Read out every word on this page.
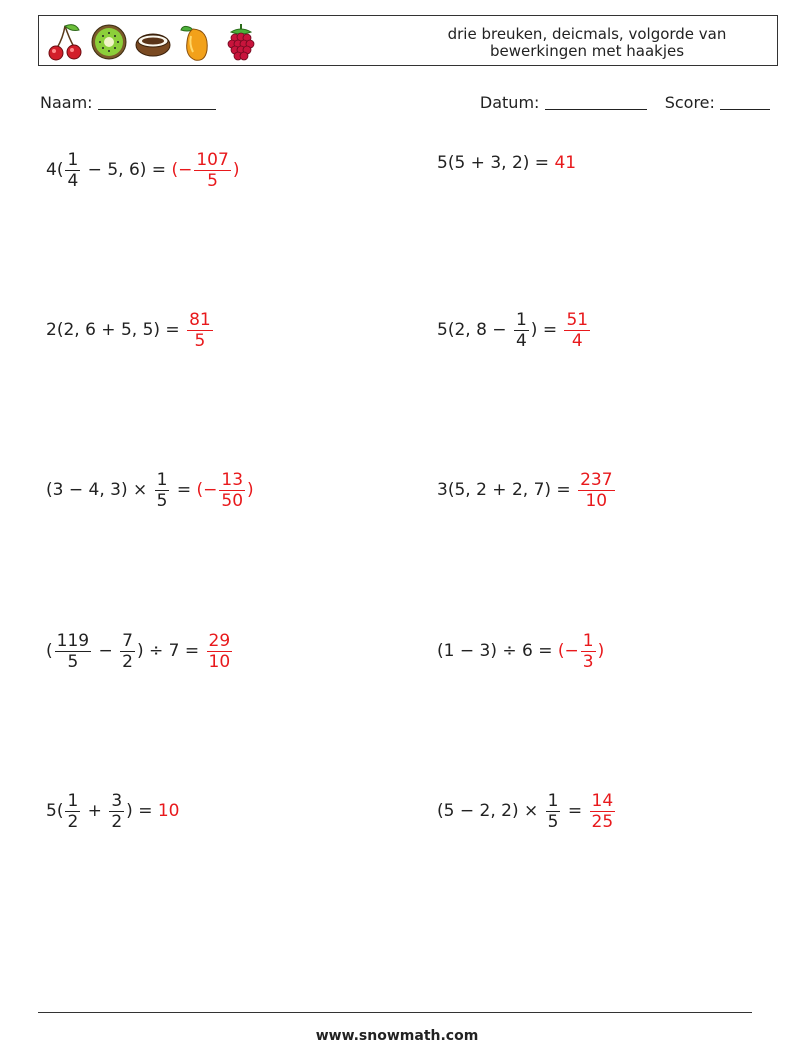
drie breuken, deicmals, volgorde van
bewerkingen met haakjes
Naam:	Datum:	Score:
$4( \frac{1}{4} - 5$, 6) = (− $\frac{107}{5}$ )	5(5 + 3, 2) = 41
2(2, 6 + 5, $5) = \frac{81}{5}$	5(2, $8 - \frac{1}{4}$ ) = $\frac{51}{4}$
(3 − 4, $3) \times \frac{1}{5}$ = (− $\frac{13}{50}$ )	3(5, 2 + 2, $7) = \frac{237}{10}$
( $\frac{119}{5} - \frac{7}{2}$ ) ÷ $7 = \frac{29}{10}$	(1 − 3) ÷ 6 = (− $\frac{1}{3}$ )
$5( \frac{1}{2} + \frac{3}{2}$ ) = 10	(5 − 2, $2) \times \frac{1}{5} = \frac{14}{25}$
www.snowmath.com
